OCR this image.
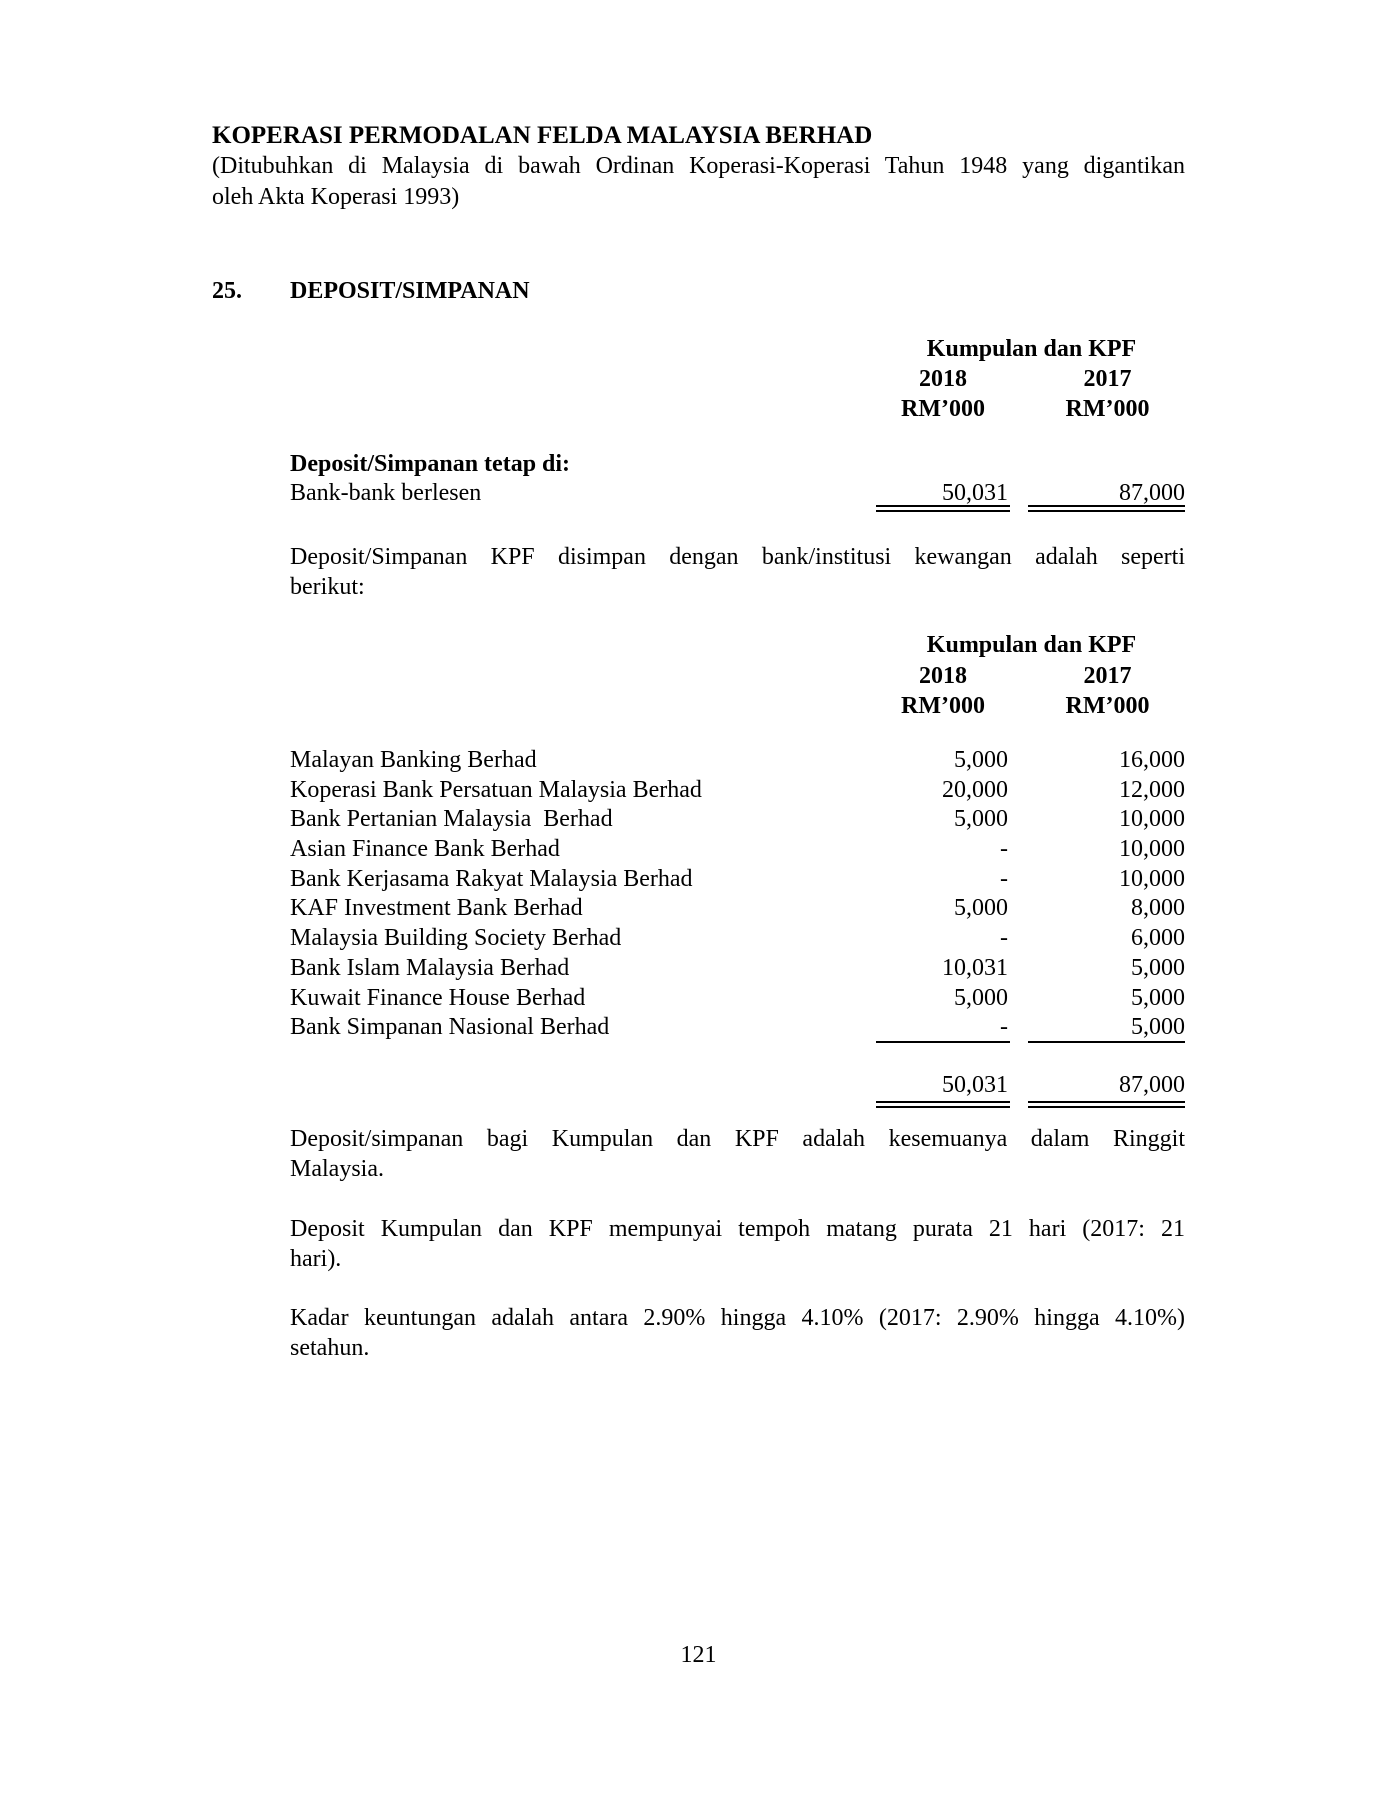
KOPERASI PERMODALAN FELDA MALAYSIA BERHAD
(Ditubuhkan di Malaysia di bawah Ordinan Koperasi-Koperasi Tahun 1948 yang digantikan
oleh Akta Koperasi 1993)
25. DEPOSIT/SIMPANAN
Kumpulan dan KPF
2018	2017
RM’000	RM’000
Deposit/Simpanan tetap di:
Bank-bank berlesen	50,031	87,000
Deposit/Simpanan KPF disimpan dengan bank/institusi kewangan adalah seperti
berikut:
Kumpulan dan KPF
2018	2017
RM’000	RM’000
Malayan Banking Berhad	5,000	16,000
Koperasi Bank Persatuan Malaysia Berhad	20,000	12,000
Bank Pertanian Malaysia  Berhad	5,000	10,000
Asian Finance Bank Berhad	-	10,000
Bank Kerjasama Rakyat Malaysia Berhad	-	10,000
KAF Investment Bank Berhad	5,000	8,000
Malaysia Building Society Berhad	-	6,000
Bank Islam Malaysia Berhad	10,031	5,000
Kuwait Finance House Berhad	5,000	5,000
Bank Simpanan Nasional Berhad	-	5,000
50,031	87,000
Deposit/simpanan bagi Kumpulan dan KPF adalah kesemuanya dalam Ringgit
Malaysia.
Deposit Kumpulan dan KPF mempunyai tempoh matang purata 21 hari (2017: 21
hari).
Kadar keuntungan adalah antara 2.90% hingga 4.10% (2017: 2.90% hingga 4.10%)
setahun.
121
